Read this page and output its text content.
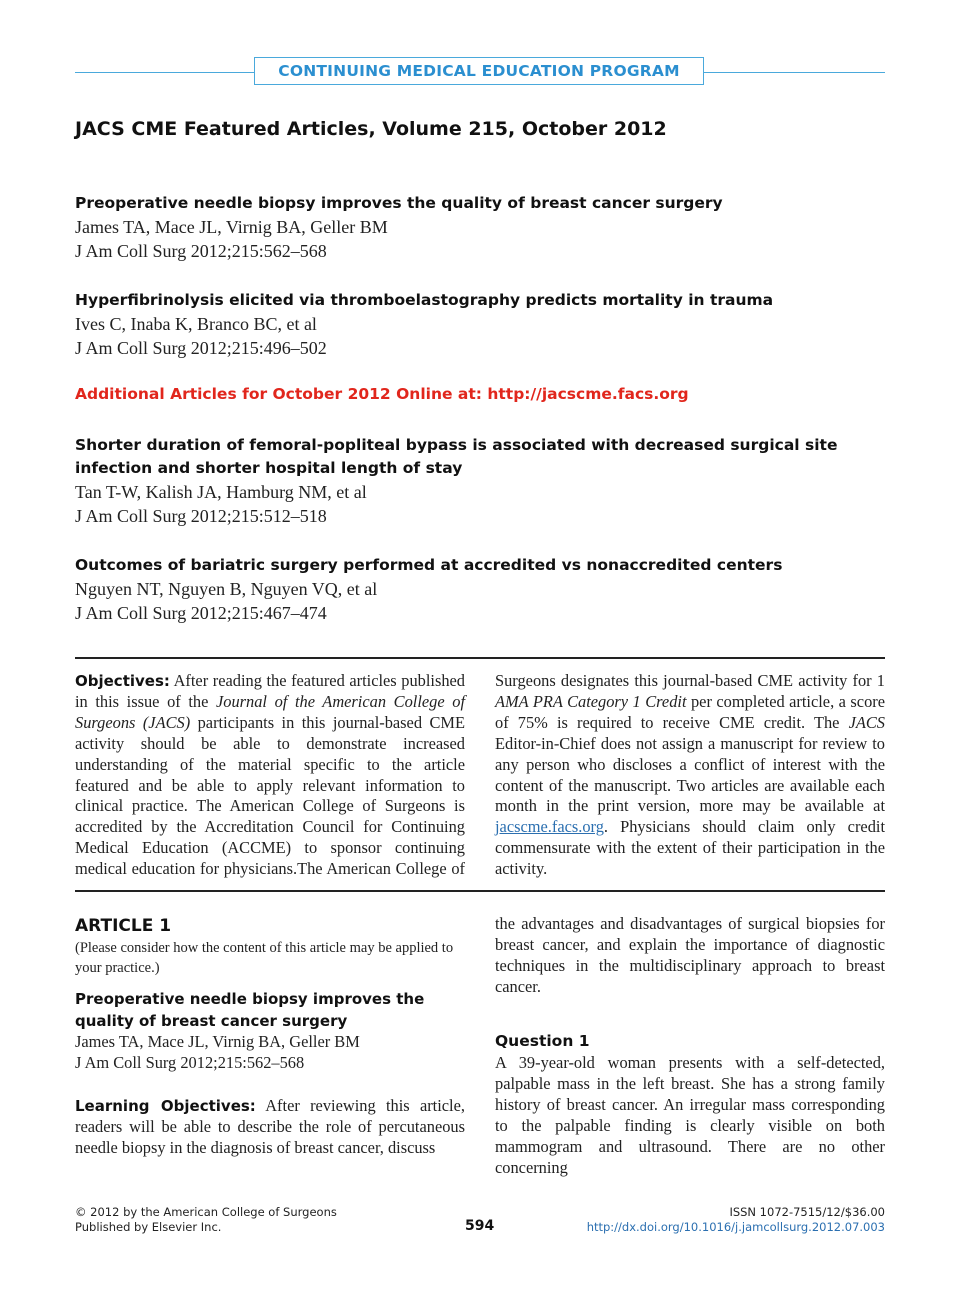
CONTINUING MEDICAL EDUCATION PROGRAM
JACS CME Featured Articles, Volume 215, October 2012
Preoperative needle biopsy improves the quality of breast cancer surgery
James TA, Mace JL, Virnig BA, Geller BM
J Am Coll Surg 2012;215:562–568
Hyperfibrinolysis elicited via thromboelastography predicts mortality in trauma
Ives C, Inaba K, Branco BC, et al
J Am Coll Surg 2012;215:496–502
Additional Articles for October 2012 Online at: http://jacscme.facs.org
Shorter duration of femoral-popliteal bypass is associated with decreased surgical site infection and shorter hospital length of stay
Tan T-W, Kalish JA, Hamburg NM, et al
J Am Coll Surg 2012;215:512–518
Outcomes of bariatric surgery performed at accredited vs nonaccredited centers
Nguyen NT, Nguyen B, Nguyen VQ, et al
J Am Coll Surg 2012;215:467–474
Objectives: After reading the featured articles published in this issue of the Journal of the American College of Surgeons (JACS) participants in this journal-based CME activity should be able to demonstrate increased understanding of the material specific to the article featured and be able to apply relevant information to clinical practice. The American College of Surgeons is accredited by the Accreditation Council for Continuing Medical Education (ACCME) to sponsor continuing medical education for physicians.The American College of Surgeons designates this journal-based CME activity for 1 AMA PRA Category 1 Credit per completed article, a score of 75% is required to receive CME credit. The JACS Editor-in-Chief does not assign a manuscript for review to any person who discloses a conflict of interest with the content of the manuscript. Two articles are available each month in the print version, more may be available at jacscme.facs.org. Physicians should claim only credit commensurate with the extent of their participation in the activity.
ARTICLE 1
(Please consider how the content of this article may be applied to your practice.)
Preoperative needle biopsy improves the quality of breast cancer surgery
James TA, Mace JL, Virnig BA, Geller BM
J Am Coll Surg 2012;215:562–568
Learning Objectives: After reviewing this article, readers will be able to describe the role of percutaneous needle biopsy in the diagnosis of breast cancer, discuss
Question 1
A 39-year-old woman presents with a self-detected, palpable mass in the left breast. She has a strong family history of breast cancer. An irregular mass corresponding to the palpable finding is clearly visible on both mammogram and ultrasound. There are no other concerning
© 2012 by the American College of Surgeons
Published by Elsevier Inc.	594
ISSN 1072-7515/12/$36.00
http://dx.doi.org/10.1016/j.jamcollsurg.2012.07.003
the advantages and disadvantages of surgical biopsies for breast cancer, and explain the importance of diagnostic techniques in the multidisciplinary approach to breast cancer.
